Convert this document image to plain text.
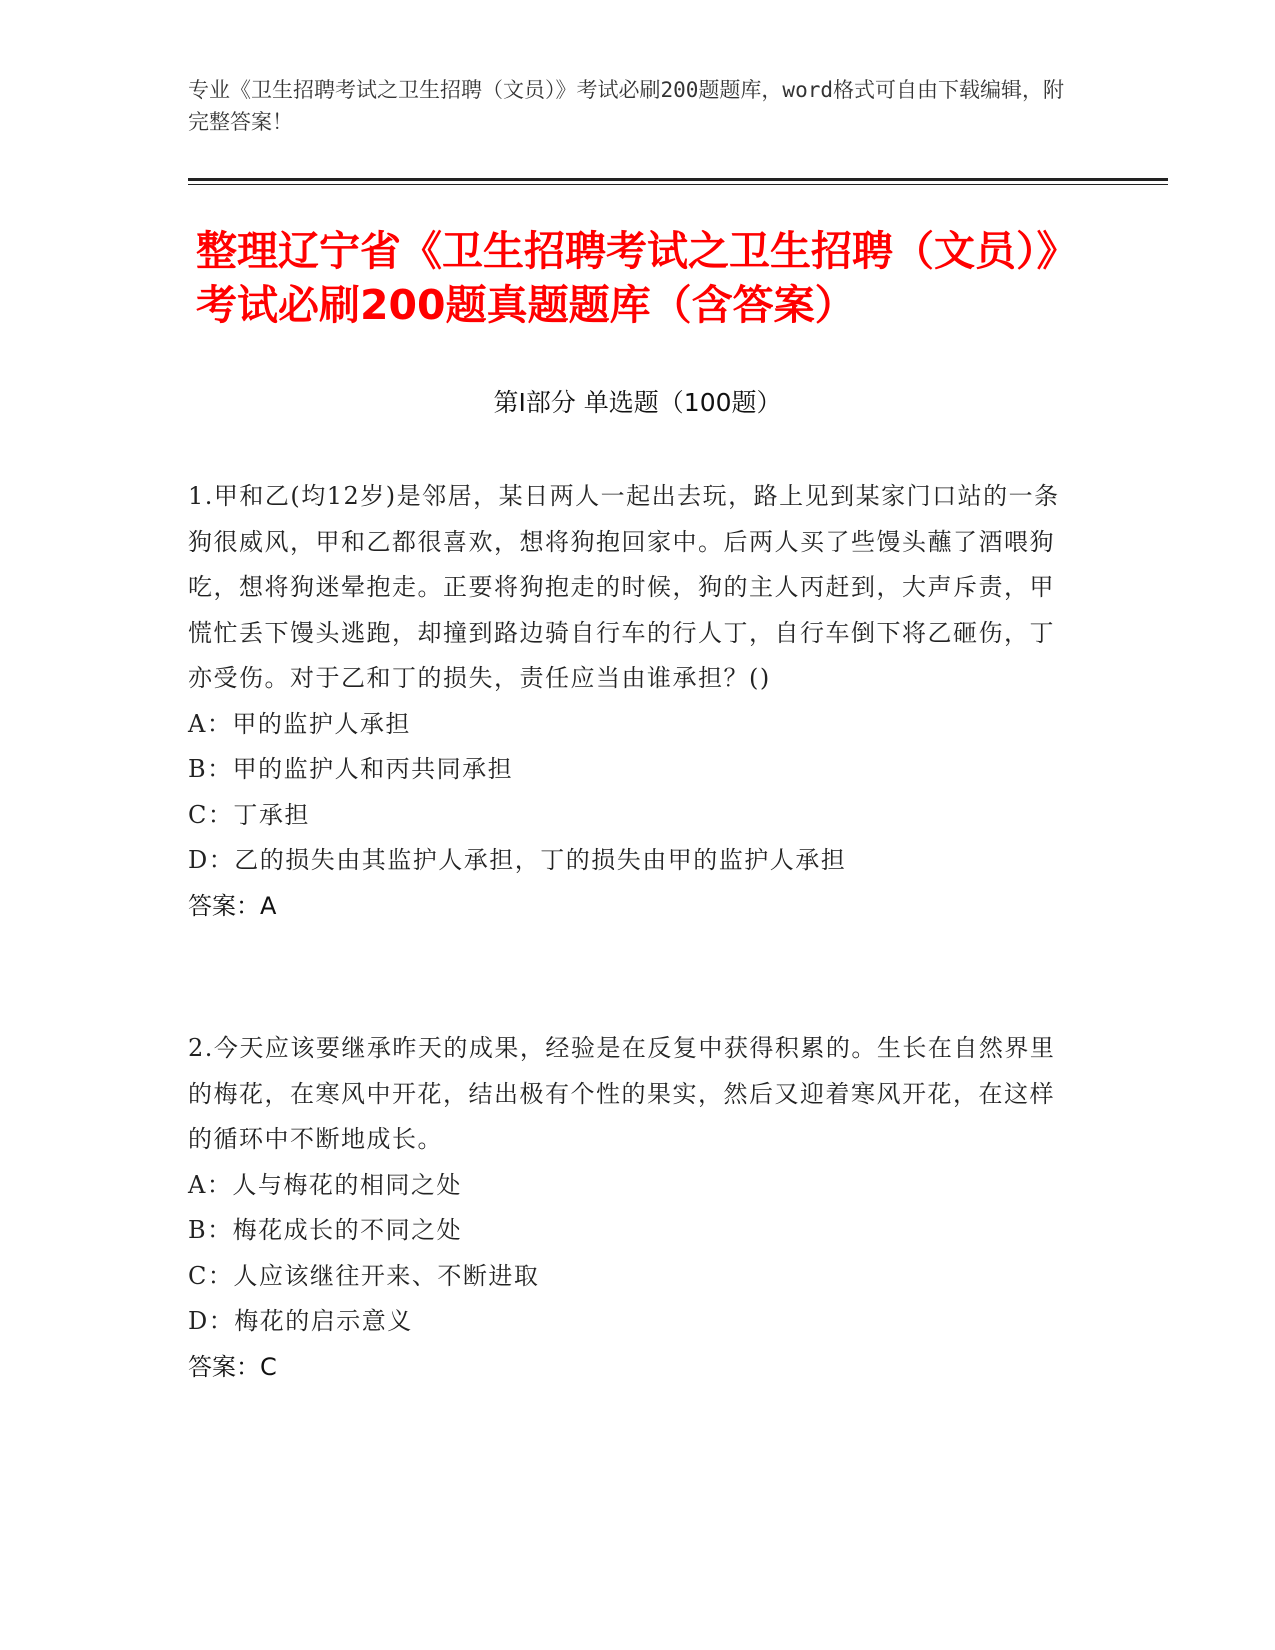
专业《卫生招聘考试之卫生招聘（文员）》考试必刷200题题库，word格式可自由下载编辑，附完整答案！
整理辽宁省《卫生招聘考试之卫生招聘（文员）》考试必刷200题真题题库（含答案）
第Ⅰ部分 单选题（100题）
1.甲和乙(均12岁)是邻居，某日两人一起出去玩，路上见到某家门口站的一条狗很威风，甲和乙都很喜欢，想将狗抱回家中。后两人买了些馒头蘸了酒喂狗吃，想将狗迷晕抱走。正要将狗抱走的时候，狗的主人丙赶到，大声斥责，甲慌忙丢下馒头逃跑，却撞到路边骑自行车的行人丁，自行车倒下将乙砸伤，丁亦受伤。对于乙和丁的损失，责任应当由谁承担？()
A：甲的监护人承担
B：甲的监护人和丙共同承担
C：丁承担
D：乙的损失由其监护人承担，丁的损失由甲的监护人承担
答案：A
2.今天应该要继承昨天的成果，经验是在反复中获得积累的。生长在自然界里的梅花，在寒风中开花，结出极有个性的果实，然后又迎着寒风开花，在这样的循环中不断地成长。
A：人与梅花的相同之处
B：梅花成长的不同之处
C：人应该继往开来、不断进取
D：梅花的启示意义
答案：C
